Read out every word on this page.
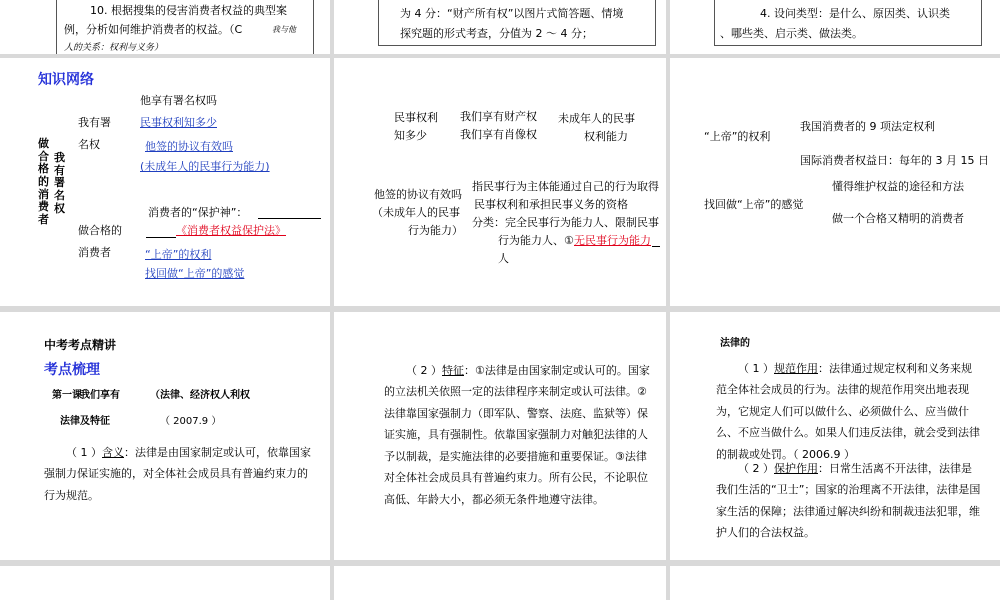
10. 根据搜集的侵害消费者权益的典型案
例，分析如何维护消费者的权益。（C	我与他
人的关系：权利与义务）
为 4 分：“财产所有权”以图片式简答题、情境
探究题的形式考查，分值为 2 ～ 4 分；
4. 设问类型：是什么、原因类、认识类
、哪些类、启示类、做法类。
知识网络
做合格的消费者
我有署名权
他享有署名权吗
我有署
名权
民事权利知多少
他签的协议有效吗
(未成年人的民事行为能力)
做合格的
消费者
消费者的“保护神”：
《消费者权益保护法》
“上帝”的权利
找回做“上帝”的感觉
民事权利
知多少
我们享有财产权
我们享有肖像权
未成年人的民事
权利能力
他签的协议有效吗
（未成年人的民事
行为能力）
指民事行为主体能通过自己的行为取得
民事权利和承担民事义务的资格
分类：完全民事行为能力人、限制民事
行为能力人、① 无民事行为能力
人
“上帝”的权利
我国消费者的 9 项法定权利
国际消费者权益日：每年的 3 月 15 日
找回做“上帝”的感觉
懂得维护权益的途径和方法
做一个合格又精明的消费者
中考考点精讲
考点梳理
第一课
我们享有	（法律、经济权人利权
法律及特征	（ 2007.9 ）
（ 1 ）含义：法律是由国家制定或认可，依靠国家强制力保证实施的，对全体社会成员具有普遍约束力的行为规范。
（ 2 ）特征：①法律是由国家制定或认可的。国家的立法机关依照一定的法律程序来制定或认可法律。②法律靠国家强制力（即军队、警察、法庭、监狱等）保证实施，具有强制性。依靠国家强制力对触犯法律的人予以制裁，是实施法律的必要措施和重要保证。③法律对全体社会成员具有普遍约束力。所有公民，不论职位高低、年龄大小，都必须无条件地遵守法律。
法律的
（ 1 ）规范作用：法律通过规定权利和义务来规范全体社会成员的行为。法律的规范作用突出地表现为，它规定人们可以做什么、必须做什么、应当做什么、不应当做什么。如果人们违反法律，就会受到法律的制裁或处罚。（ 2006.9 ）
（ 2 ）保护作用：日常生活离不开法律，法律是我们生活的“卫士”；国家的治理离不开法律，法律是国家生活的保障；法律通过解决纠纷和制裁违法犯罪，维护人们的合法权益。
